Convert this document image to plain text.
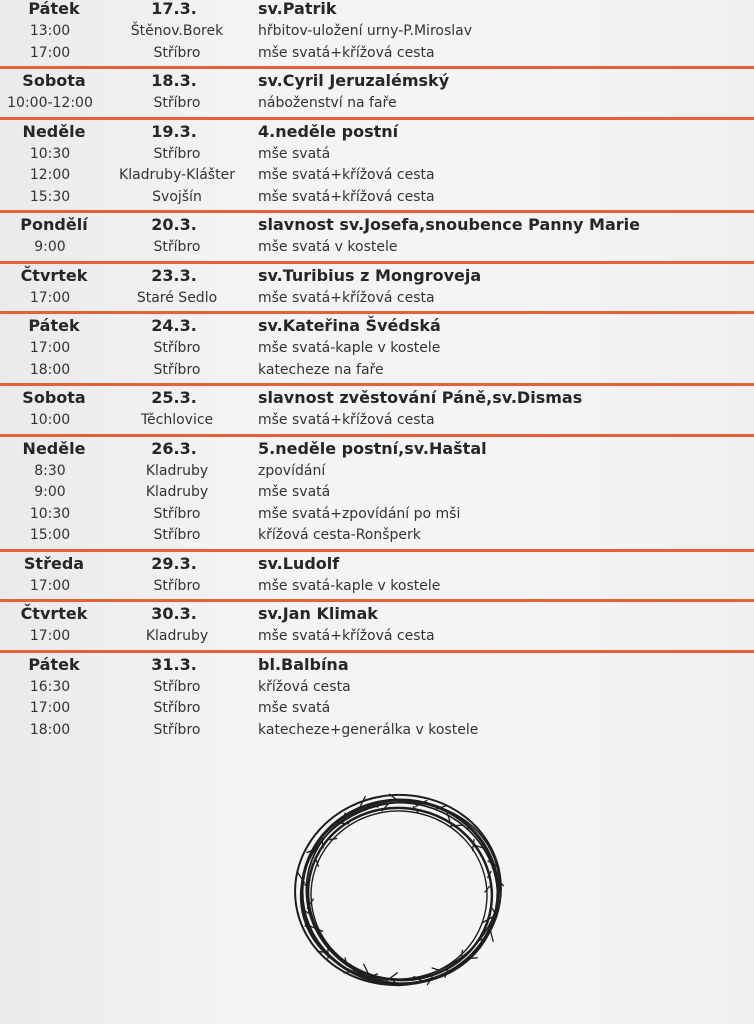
Pátek	17.3.	sv.Patrik
13:00	Štěnov.Borek	hřbitov-uložení urny-P.Miroslav
17:00	Stříbro	mše svatá+křížová cesta
Sobota	18.3.	sv.Cyril Jeruzalémský
10:00-12:00	Stříbro	náboženství na faře
Neděle	19.3.	4.neděle postní
10:30	Stříbro	mše svatá
12:00	Kladruby-Klášter	mše svatá+křížová cesta
15:30	Svojšín	mše svatá+křížová cesta
Pondělí	20.3.	slavnost sv.Josefa,snoubence Panny Marie
9:00	Stříbro	mše svatá v kostele
Čtvrtek	23.3.	sv.Turibius z Mongroveja
17:00	Staré Sedlo	mše svatá+křížová cesta
Pátek	24.3.	sv.Kateřina Švédská
17:00	Stříbro	mše svatá-kaple v kostele
18:00	Stříbro	katecheze na faře
Sobota	25.3.	slavnost zvěstování Páně,sv.Dismas
10:00	Těchlovice	mše svatá+křížová cesta
Neděle	26.3.	5.neděle postní,sv.Haštal
8:30	Kladruby	zpovídání
9:00	Kladruby	mše svatá
10:30	Stříbro	mše svatá+zpovídání po mši
15:00	Stříbro	křížová cesta-Ronšperk
Středa	29.3.	sv.Ludolf
17:00	Stříbro	mše svatá-kaple v kostele
Čtvrtek	30.3.	sv.Jan Klimak
17:00	Kladruby	mše svatá+křížová cesta
Pátek	31.3.	bl.Balbína
16:30	Stříbro	křížová cesta
17:00	Stříbro	mše svatá
18:00	Stříbro	katecheze+generálka v kostele
